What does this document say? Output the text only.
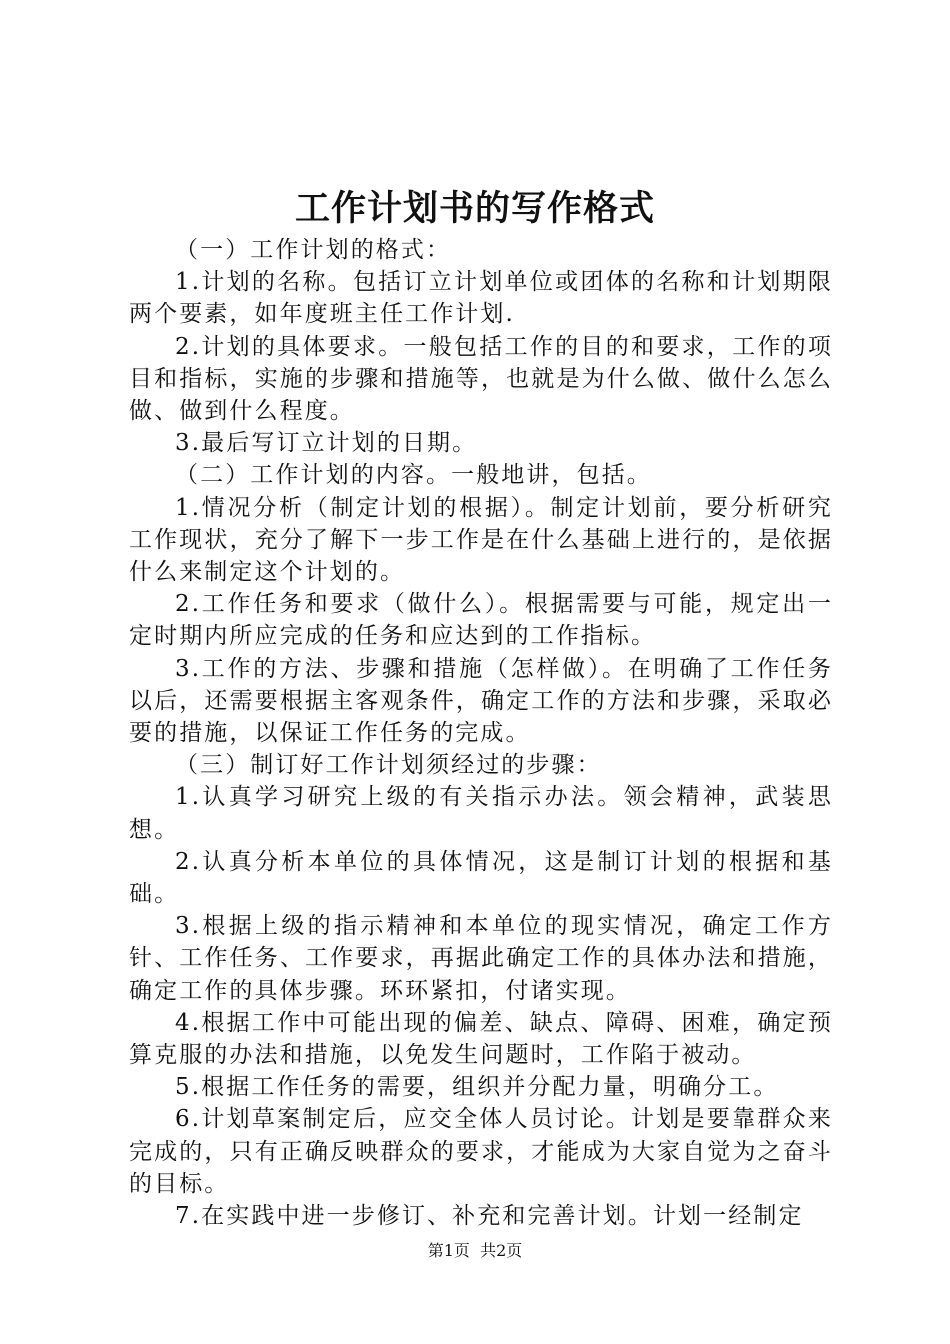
工作计划书的写作格式

（一）工作计划的格式：

1.计划的名称。包括订立计划单位或团体的名称和计划期限两个要素，如年度班主任工作计划.

2.计划的具体要求。一般包括工作的目的和要求，工作的项目和指标，实施的步骤和措施等，也就是为什么做、做什么怎么做、做到什么程度。

3.最后写订立计划的日期。

（二）工作计划的内容。一般地讲，包括。

1.情况分析（制定计划的根据）。制定计划前，要分析研究工作现状，充分了解下一步工作是在什么基础上进行的，是依据什么来制定这个计划的。

2.工作任务和要求（做什么）。根据需要与可能，规定出一定时期内所应完成的任务和应达到的工作指标。

3.工作的方法、步骤和措施（怎样做）。在明确了工作任务以后，还需要根据主客观条件，确定工作的方法和步骤，采取必要的措施，以保证工作任务的完成。

（三）制订好工作计划须经过的步骤：

1.认真学习研究上级的有关指示办法。领会精神，武装思想。

2.认真分析本单位的具体情况，这是制订计划的根据和基础。

3.根据上级的指示精神和本单位的现实情况，确定工作方针、工作任务、工作要求，再据此确定工作的具体办法和措施，确定工作的具体步骤。环环紧扣，付诸实现。

4.根据工作中可能出现的偏差、缺点、障碍、困难，确定预算克服的办法和措施，以免发生问题时，工作陷于被动。

5.根据工作任务的需要，组织并分配力量，明确分工。

6.计划草案制定后，应交全体人员讨论。计划是要靠群众来完成的，只有正确反映群众的要求，才能成为大家自觉为之奋斗的目标。

7.在实践中进一步修订、补充和完善计划。计划一经制定

第1页 共2页
